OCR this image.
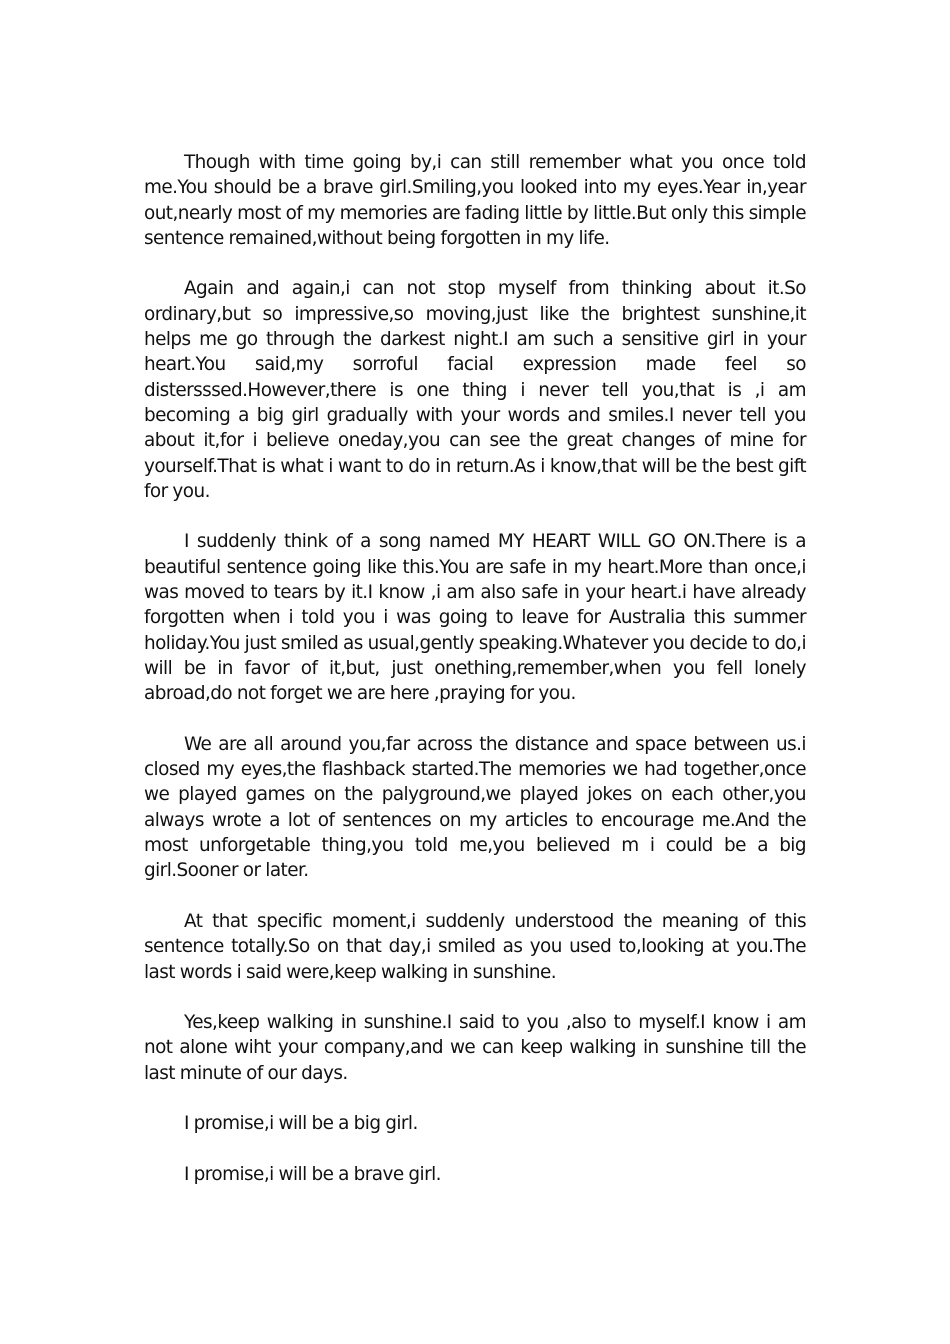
Though with time going by,i can still remember what you once told me.You should be a brave girl.Smiling,you looked into my eyes.Year in,year out,nearly most of my memories are fading little by little.But only this simple sentence remained,without being forgotten in my life.

Again and again,i can not stop myself from thinking about it.So ordinary,but so impressive,so moving,just like the brightest sunshine,it helps me go through the darkest night.I am such a sensitive girl in your heart.You said,my sorroful facial expression made feel so distersssed.However,there is one thing i never tell you,that is ,i am becoming a big girl gradually with your words and smiles.I never tell you about it,for i believe oneday,you can see the great changes of mine for yourself.That is what i want to do in return.As i know,that will be the best gift for you.

I suddenly think of a song named MY HEART WILL GO ON.There is a beautiful sentence going like this.You are safe in my heart.More than once,i was moved to tears by it.I know ,i am also safe in your heart.i have already forgotten when i told you i was going to leave for Australia this summer holiday.You just smiled as usual,gently speaking.Whatever you decide to do,i will be in favor of it,but, just onething,remember,when you fell lonely abroad,do not forget we are here ,praying for you.

We are all around you,far across the distance and space between us.i closed my eyes,the flashback started.The memories we had together,once we played games on the palyground,we played jokes on each other,you always wrote a lot of sentences on my articles to encourage me.And the most unforgetable thing,you told me,you believed m i could be a big girl.Sooner or later.

At that specific moment,i suddenly understood the meaning of this sentence totally.So on that day,i smiled as you used to,looking at you.The last words i said were,keep walking in sunshine.

Yes,keep walking in sunshine.I said to you ,also to myself.I know i am not alone wiht your company,and we can keep walking in sunshine till the last minute of our days.

I promise,i will be a big girl.

I promise,i will be a brave girl.
